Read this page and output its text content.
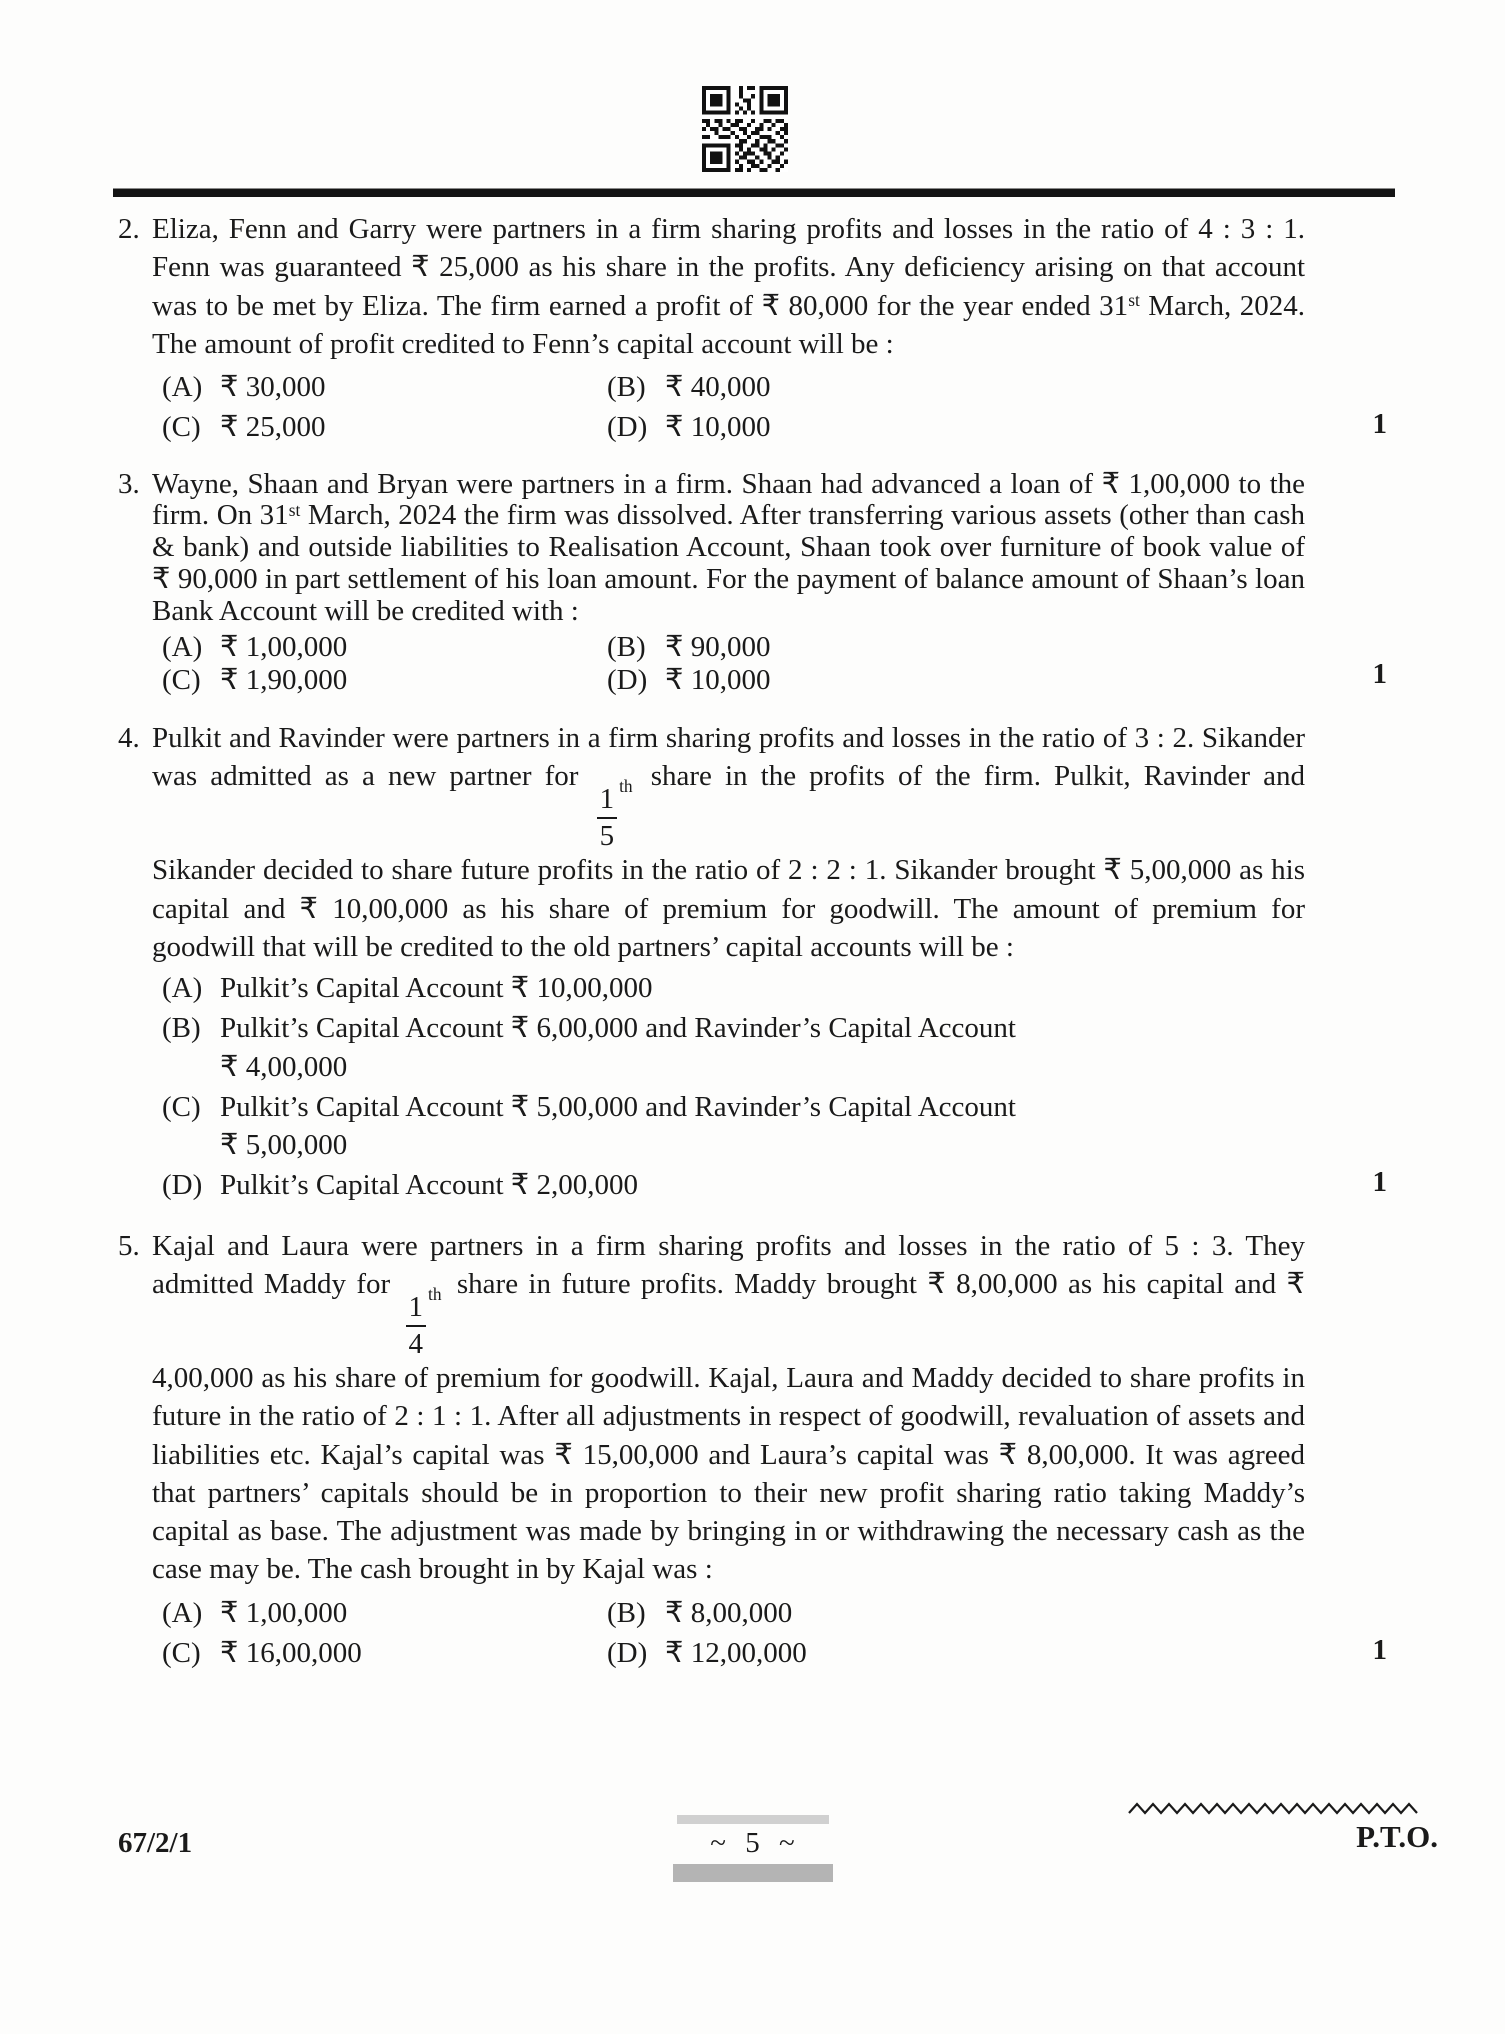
2. Eliza, Fenn and Garry were partners in a firm sharing profits and losses in the ratio of 4 : 3 : 1. Fenn was guaranteed ₹ 25,000 as his share in the profits. Any deficiency arising on that account was to be met by Eliza. The firm earned a profit of ₹ 80,000 for the year ended 31st March, 2024. The amount of profit credited to Fenn’s capital account will be :

(A) ₹ 30,000	(B) ₹ 40,000
(C) ₹ 25,000	(D) ₹ 10,000	1
3. Wayne, Shaan and Bryan were partners in a firm. Shaan had advanced a loan of ₹ 1,00,000 to the firm. On 31st March, 2024 the firm was dissolved. After transferring various assets (other than cash & bank) and outside liabilities to Realisation Account, Shaan took over furniture of book value of ₹ 90,000 in part settlement of his loan amount. For the payment of balance amount of Shaan’s loan Bank Account will be credited with :

(A) ₹ 1,00,000	(B) ₹ 90,000
(C) ₹ 1,90,000	(D) ₹ 10,000	1
4. Pulkit and Ravinder were partners in a firm sharing profits and losses in the ratio of 3 : 2. Sikander was admitted as a new partner for
$\frac{1}{5}$ th share in the profits of the firm. Pulkit, Ravinder and Sikander decided to share future profits in the ratio of 2 : 2 : 1. Sikander brought ₹ 5,00,000 as his capital and ₹ 10,00,000 as his share of premium for goodwill. The amount of premium for goodwill that will be credited to the old partners’ capital accounts will be :

(A) Pulkit’s Capital Account ₹ 10,00,000
(B) Pulkit’s Capital Account ₹ 6,00,000 and Ravinder’s Capital Account
₹ 4,00,000
(C) Pulkit’s Capital Account ₹ 5,00,000 and Ravinder’s Capital Account
₹ 5,00,000
(D) Pulkit’s Capital Account ₹ 2,00,000	1
5. Kajal and Laura were partners in a firm sharing profits and losses in the ratio of 5 : 3. They admitted Maddy for
$\frac{1}{4}$ th share in future profits. Maddy brought ₹ 8,00,000 as his capital and ₹ 4,00,000 as his share of premium for goodwill. Kajal, Laura and Maddy decided to share profits in future in the ratio of 2 : 1 : 1. After all adjustments in respect of goodwill, revaluation of assets and liabilities etc. Kajal’s capital was ₹ 15,00,000 and Laura’s capital was ₹ 8,00,000. It was agreed that partners’ capitals should be in proportion to their new profit sharing ratio taking Maddy’s capital as base. The adjustment was made by bringing in or withdrawing the necessary cash as the case may be. The cash brought in by Kajal was :

(A) ₹ 1,00,000	(B) ₹ 8,00,000
(C) ₹ 16,00,000	(D) ₹ 12,00,000	1
67/2/1	~ 5 ~	P.T.O.
